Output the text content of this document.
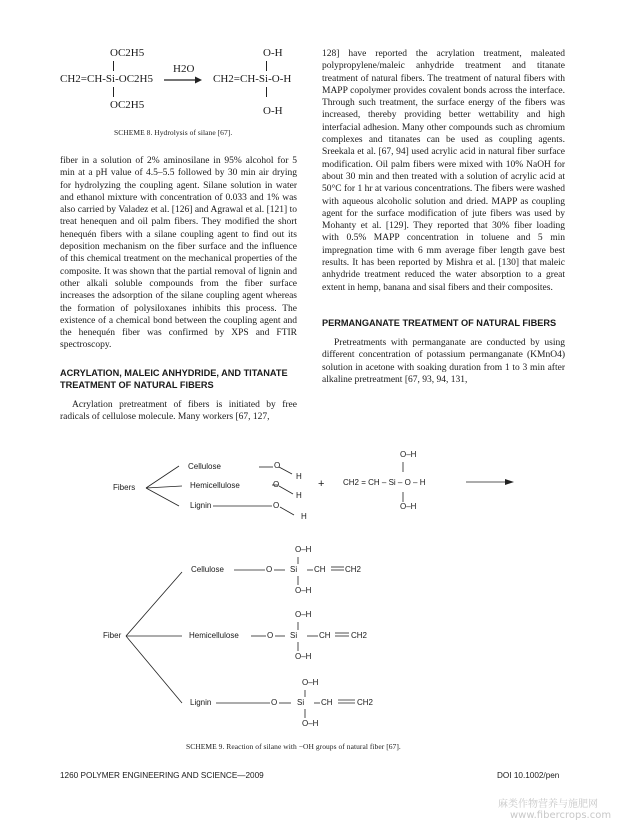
OC2H5
CH2=CH-Si-OC2H5
OC2H5
H2O
O-H
CH2=CH-Si-O-H
O-H
SCHEME 8. Hydrolysis of silane [67].

fiber in a solution of 2% aminosilane in 95% alcohol for 5 min at a pH value of 4.5–5.5 followed by 30 min air drying for hydrolyzing the coupling agent. Silane solution in water and ethanol mixture with concentration of 0.033 and 1% was also carried by Valadez et al. [126] and Agrawal et al. [121] to treat henequen and oil palm fibers. They modified the short henequén fibers with a silane coupling agent to find out its deposition mechanism on the fiber surface and the influence of this chemical treatment on the mechanical properties of the composite. It was shown that the partial removal of lignin and other alkali soluble compounds from the fiber surface increases the adsorption of the silane coupling agent whereas the formation of polysiloxanes inhibits this process. The existence of a chemical bond between the coupling agent and the henequén fiber was confirmed by XPS and FTIR spectroscopy.

ACRYLATION, MALEIC ANHYDRIDE, AND TITANATE TREATMENT OF NATURAL FIBERS

Acrylation pretreatment of fibers is initiated by free radicals of cellulose molecule. Many workers [67, 127,

128] have reported the acrylation treatment, maleated polypropylene/maleic anhydride treatment and titanate treatment of natural fibers. The treatment of natural fibers with MAPP copolymer provides covalent bonds across the interface. Through such treatment, the surface energy of the fibers was increased, thereby providing better wettability and high interfacial adhesion. Many other compounds such as chromium complexes and titanates can be used as coupling agents. Sreekala et al. [67, 94] used acrylic acid in natural fiber surface modification. Oil palm fibers were mixed with 10% NaOH for about 30 min and then treated with a solution of acrylic acid at 50°C for 1 hr at various concentrations. The fibers were washed with aqueous alcoholic solution and dried. MAPP as coupling agent for the surface modification of jute fibers was used by Mohanty et al. [129]. They reported that 30% fiber loading with 0.5% MAPP concentration in toluene and 5 min impregnation time with 6 mm average fiber length gave best results. It has been reported by Mishra et al. [130] that maleic anhydride treatment reduced the water absorption to a great extent in hemp, banana and sisal fibers and their composites.

PERMANGANATE TREATMENT OF NATURAL FIBERS

Pretreatments with permanganate are conducted by using different concentration of potassium permanganate (KMnO4) solution in acetone with soaking duration from 1 to 3 min after alkaline pretreatment [67, 93, 94, 131,

Fibers
Cellulose
Hemicellulose
Lignin
O
H
O
H
O
H
+
O–H
CH2 = CH – Si – O – H
O–H
Fiber
Cellulose
O–H
O Si CH CH2
O–H
Hemicellulose
O–H
O Si	CH	CH2
O–H
Lignin
O–H
O Si CH	CH2
O–H
SCHEME 9. Reaction of silane with −OH groups of natural fiber [67].
1260 POLYMER ENGINEERING AND SCIENCE—2009	DOI 10.1002/pen
麻类作物营养与施肥网
www.fibercrops.com
